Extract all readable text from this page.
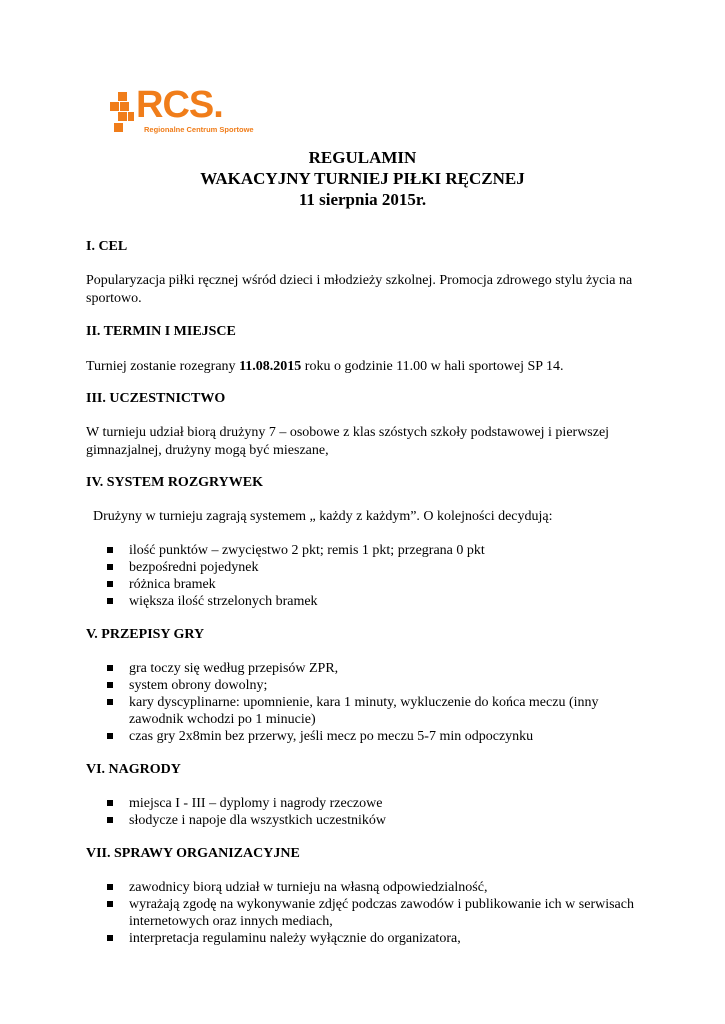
RCS.
Regionalne Centrum Sportowe
REGULAMIN
WAKACYJNY TURNIEJ PIŁKI RĘCZNEJ
11 sierpnia 2015r.
I. CEL
Popularyzacja piłki ręcznej wśród dzieci i młodzieży szkolnej. Promocja zdrowego stylu życia na sportowo.
II. TERMIN I MIEJSCE
Turniej zostanie rozegrany 11.08.2015 roku o godzinie 11.00 w hali sportowej SP 14.
III. UCZESTNICTWO
W turnieju udział biorą drużyny 7 – osobowe z klas szóstych szkoły podstawowej i pierwszej gimnazjalnej, drużyny mogą być mieszane,
IV. SYSTEM ROZGRYWEK
Drużyny w turnieju zagrają systemem „ każdy z każdym”. O kolejności decydują:
ilość punktów – zwycięstwo 2 pkt; remis 1 pkt; przegrana 0 pkt
bezpośredni pojedynek
różnica bramek
większa ilość strzelonych bramek
V. PRZEPISY GRY
gra toczy się według przepisów ZPR,
system obrony dowolny;
kary dyscyplinarne: upomnienie, kara 1 minuty, wykluczenie do końca meczu (inny zawodnik wchodzi po 1 minucie)
czas gry 2x8min bez przerwy, jeśli mecz po meczu 5-7 min odpoczynku
VI. NAGRODY
miejsca I - III – dyplomy i nagrody rzeczowe
słodycze i napoje dla wszystkich uczestników
VII. SPRAWY ORGANIZACYJNE
zawodnicy biorą udział w turnieju na własną odpowiedzialność,
wyrażają zgodę na wykonywanie zdjęć podczas zawodów i publikowanie ich w serwisach internetowych oraz innych mediach,
interpretacja regulaminu należy wyłącznie do organizatora,
